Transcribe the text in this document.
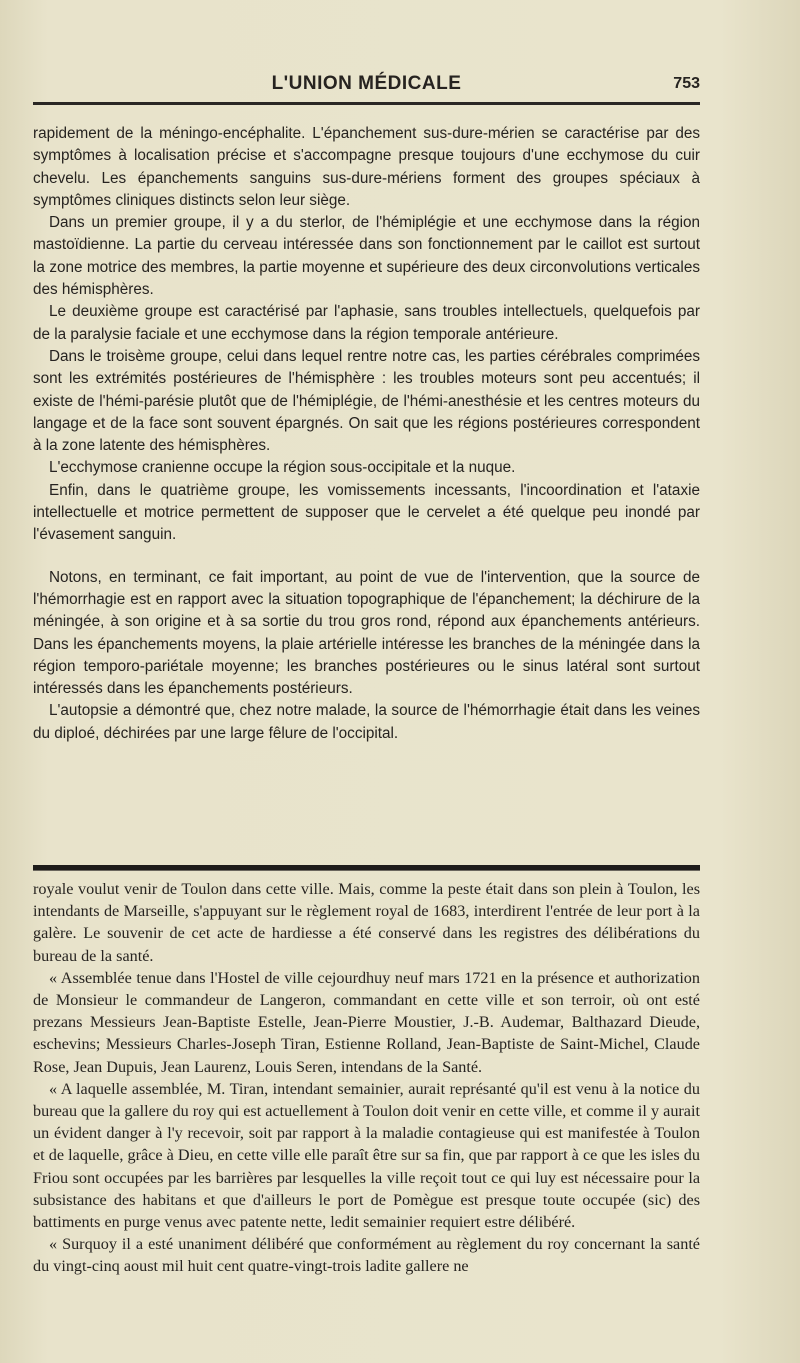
L'UNION MÉDICALE	753

rapidement de la méningo-encéphalite. L'épanchement sus-dure-mérien se caractérise par des symptômes à localisation précise et s'accompagne presque toujours d'une ecchymose du cuir chevelu. Les épanchements sanguins sus-dure-mériens forment des groupes spéciaux à symptômes cliniques distincts selon leur siège.

Dans un premier groupe, il y a du sterlor, de l'hémiplégie et une ecchymose dans la région mastoïdienne. La partie du cerveau intéressée dans son fonctionnement par le caillot est surtout la zone motrice des membres, la partie moyenne et supérieure des deux circonvolutions verticales des hémisphères.

Le deuxième groupe est caractérisé par l'aphasie, sans troubles intellectuels, quelquefois par de la paralysie faciale et une ecchymose dans la région temporale antérieure.

Dans le troisème groupe, celui dans lequel rentre notre cas, les parties cérébrales comprimées sont les extrémités postérieures de l'hémisphère : les troubles moteurs sont peu accentués; il existe de l'hémi-parésie plutôt que de l'hémiplégie, de l'hémi-anesthésie et les centres moteurs du langage et de la face sont souvent épargnés. On sait que les régions postérieures correspondent à la zone latente des hémisphères.

L'ecchymose cranienne occupe la région sous-occipitale et la nuque.

Enfin, dans le quatrième groupe, les vomissements incessants, l'incoordination et l'ataxie intellectuelle et motrice permettent de supposer que le cervelet a été quelque peu inondé par l'évasement sanguin.

Notons, en terminant, ce fait important, au point de vue de l'intervention, que la source de l'hémorrhagie est en rapport avec la situation topographique de l'épanchement; la déchirure de la méningée, à son origine et à sa sortie du trou gros rond, répond aux épanchements antérieurs. Dans les épanchements moyens, la plaie artérielle intéresse les branches de la méningée dans la région temporo-pariétale moyenne; les branches postérieures ou le sinus latéral sont surtout intéressés dans les épanchements postérieurs.

L'autopsie a démontré que, chez notre malade, la source de l'hémorrhagie était dans les veines du diploé, déchirées par une large fêlure de l'occipital.

royale voulut venir de Toulon dans cette ville. Mais, comme la peste était dans son plein à Toulon, les intendants de Marseille, s'appuyant sur le règlement royal de 1683, interdirent l'entrée de leur port à la galère. Le souvenir de cet acte de hardiesse a été conservé dans les registres des délibérations du bureau de la santé.

« Assemblée tenue dans l'Hostel de ville cejourdhuy neuf mars 1721 en la présence et authorization de Monsieur le commandeur de Langeron, commandant en cette ville et son terroir, où ont esté prezans Messieurs Jean-Baptiste Estelle, Jean-Pierre Moustier, J.-B. Audemar, Balthazard Dieude, eschevins; Messieurs Charles-Joseph Tiran, Estienne Rolland, Jean-Baptiste de Saint-Michel, Claude Rose, Jean Dupuis, Jean Laurenz, Louis Seren, intendans de la Santé.

« A laquelle assemblée, M. Tiran, intendant semainier, aurait représanté qu'il est venu à la notice du bureau que la gallere du roy qui est actuellement à Toulon doit venir en cette ville, et comme il y aurait un évident danger à l'y recevoir, soit par rapport à la maladie contagieuse qui est manifestée à Toulon et de laquelle, grâce à Dieu, en cette ville elle paraît être sur sa fin, que par rapport à ce que les isles du Friou sont occupées par les barrières par lesquelles la ville reçoit tout ce qui luy est nécessaire pour la subsistance des habitans et que d'ailleurs le port de Pomègue est presque toute occupée (sic) des battiments en purge venus avec patente nette, ledit semainier requiert estre délibéré.

« Surquoy il a esté unaniment délibéré que conformément au règlement du roy concernant la santé du vingt-cinq aoust mil huit cent quatre-vingt-trois ladite gallere ne
